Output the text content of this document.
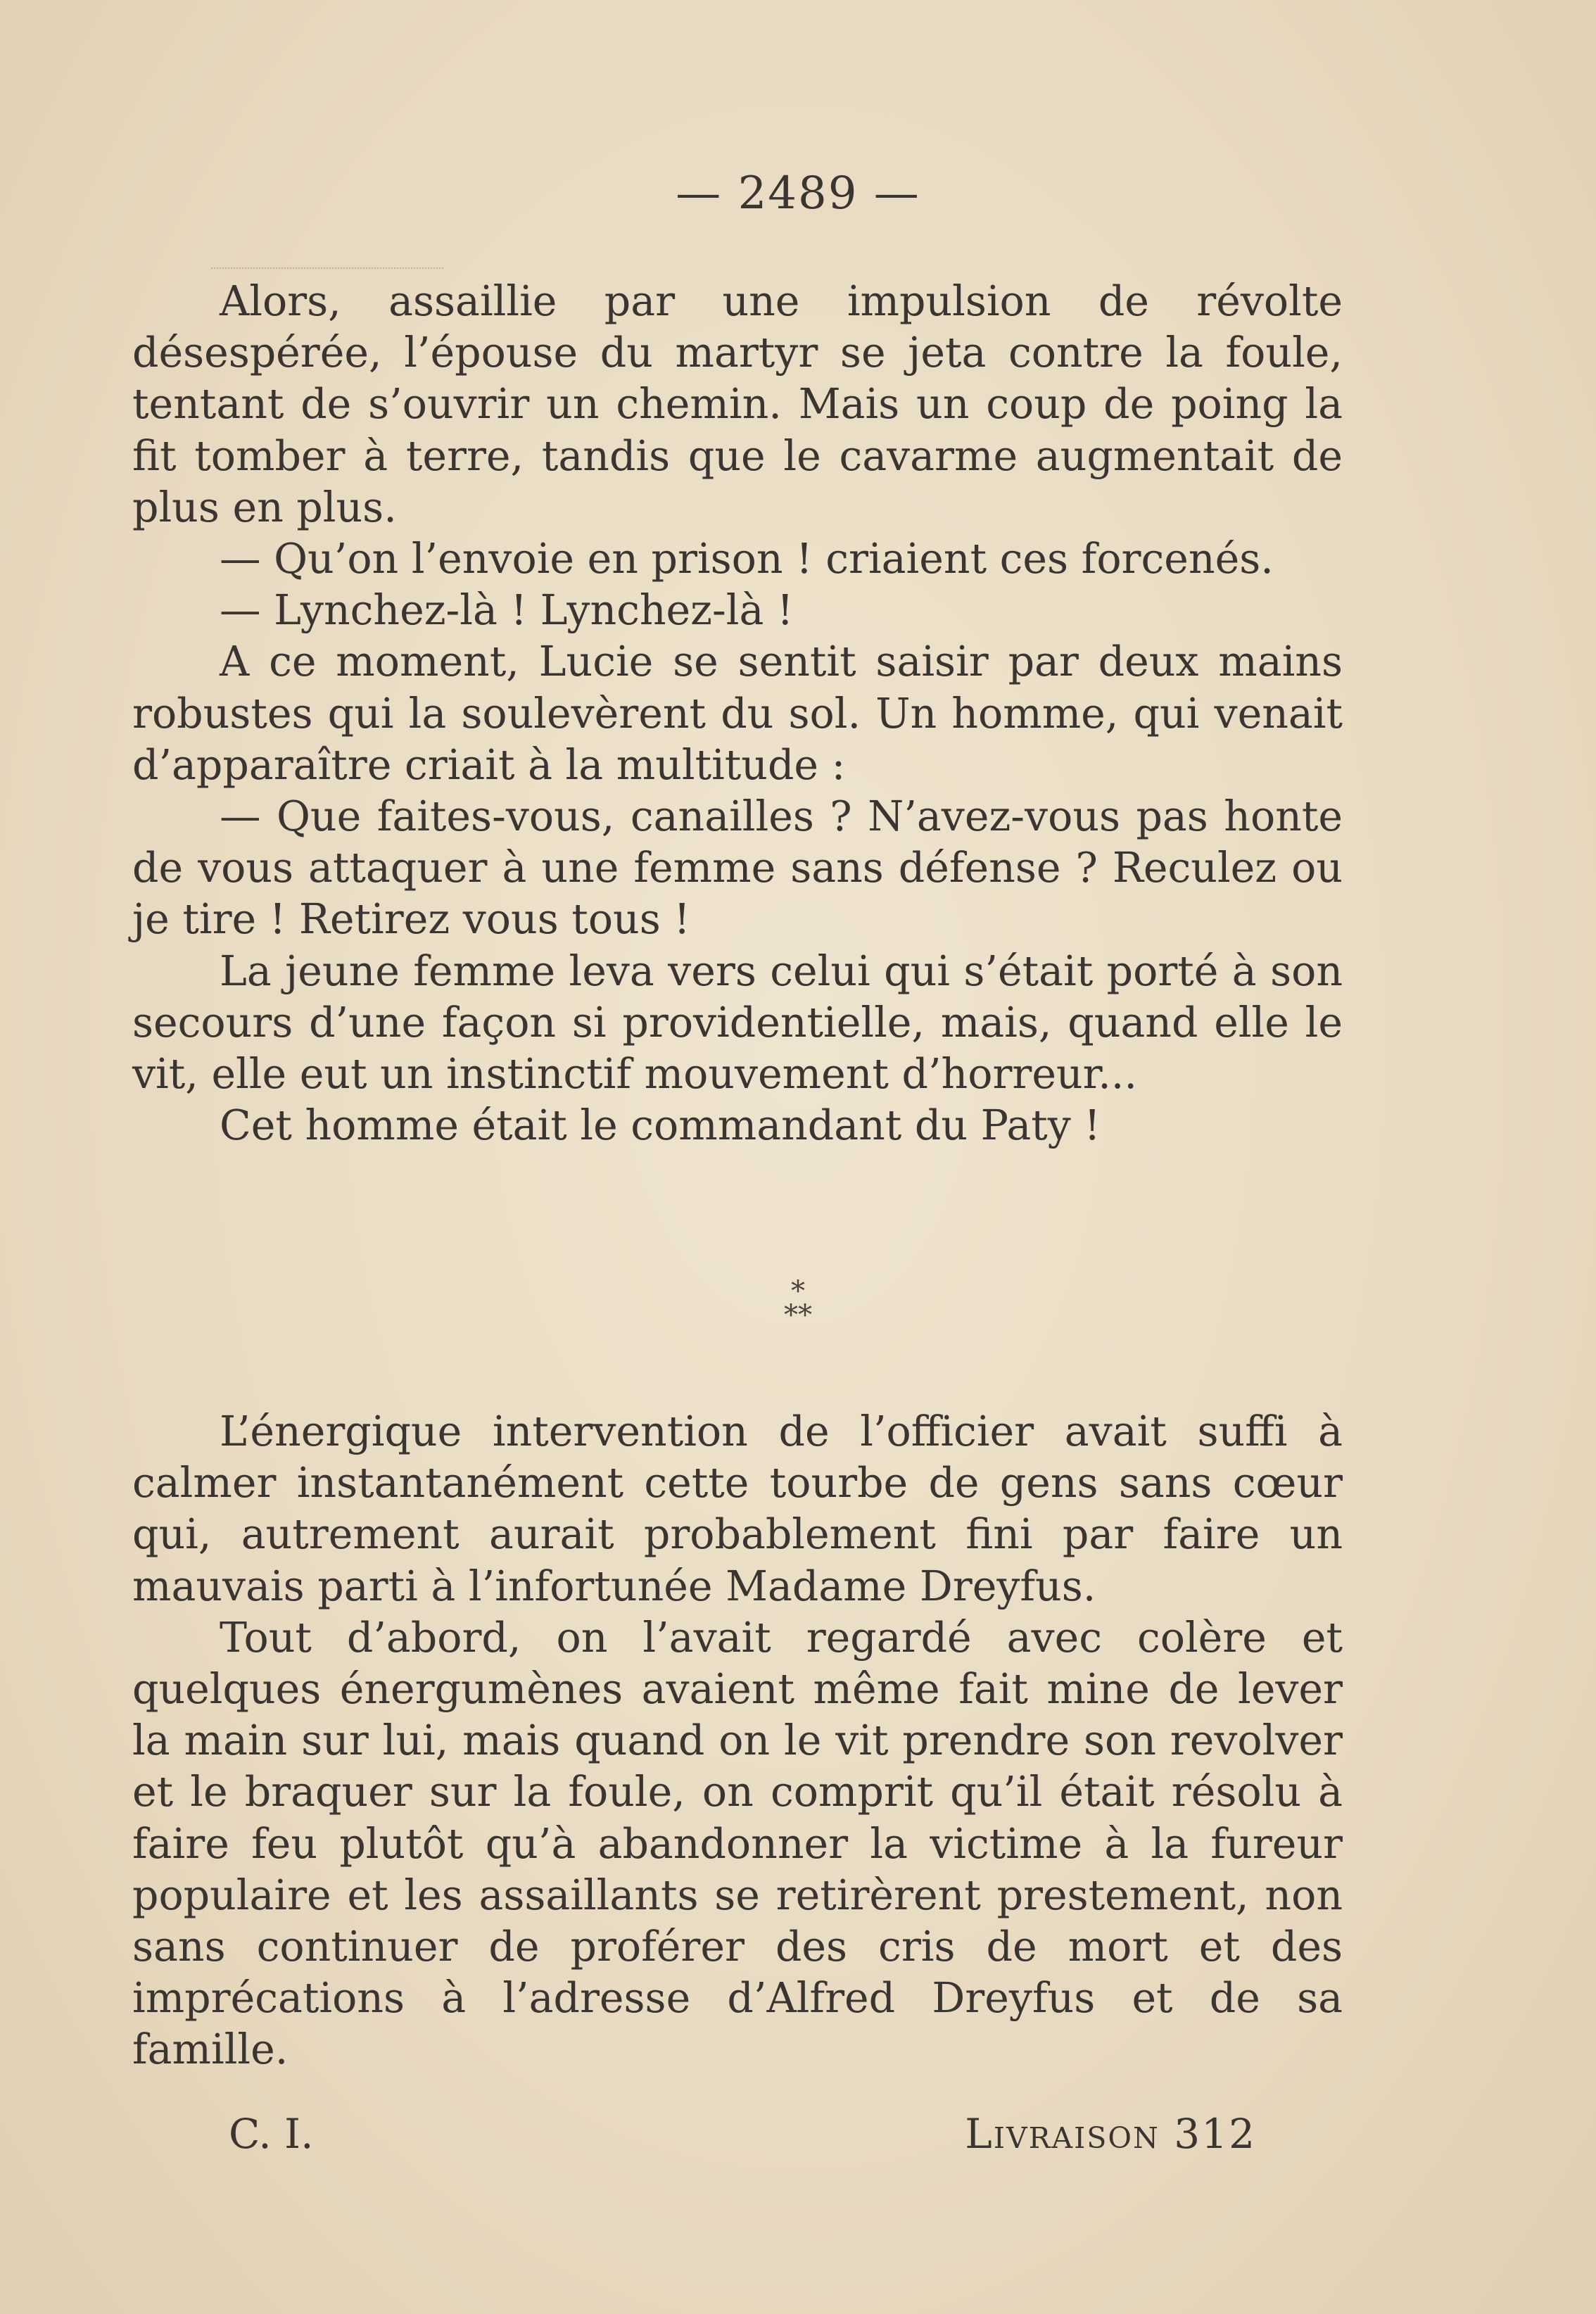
— 2489 —

Alors, assaillie par une impulsion de révolte désespérée, l’épouse du martyr se jeta contre la foule, tentant de s’ouvrir un chemin. Mais un coup de poing la fit tomber à terre, tandis que le cavarme augmentait de plus en plus.

— Qu’on l’envoie en prison ! criaient ces forcenés.

— Lynchez-là ! Lynchez-là !

A ce moment, Lucie se sentit saisir par deux mains robustes qui la soulevèrent du sol. Un homme, qui venait d’apparaître criait à la multitude :

— Que faites-vous, canailles ? N’avez-vous pas honte de vous attaquer à une femme sans défense ? Reculez ou je tire ! Retirez vous tous !

La jeune femme leva vers celui qui s’était porté à son secours d’une façon si providentielle, mais, quand elle le vit, elle eut un instinctif mouvement d’horreur...

Cet homme était le commandant du Paty !

*
**

L’énergique intervention de l’officier avait suffi à calmer instantanément cette tourbe de gens sans cœur qui, autrement aurait probablement fini par faire un mauvais parti à l’infortunée Madame Dreyfus.

Tout d’abord, on l’avait regardé avec colère et quelques énergumènes avaient même fait mine de lever la main sur lui, mais quand on le vit prendre son revolver et le braquer sur la foule, on comprit qu’il était résolu à faire feu plutôt qu’à abandonner la victime à la fureur populaire et les assaillants se retirèrent prestement, non sans continuer de proférer des cris de mort et des imprécations à l’adresse d’Alfred Dreyfus et de sa famille.

C. I.	Livraison 312
